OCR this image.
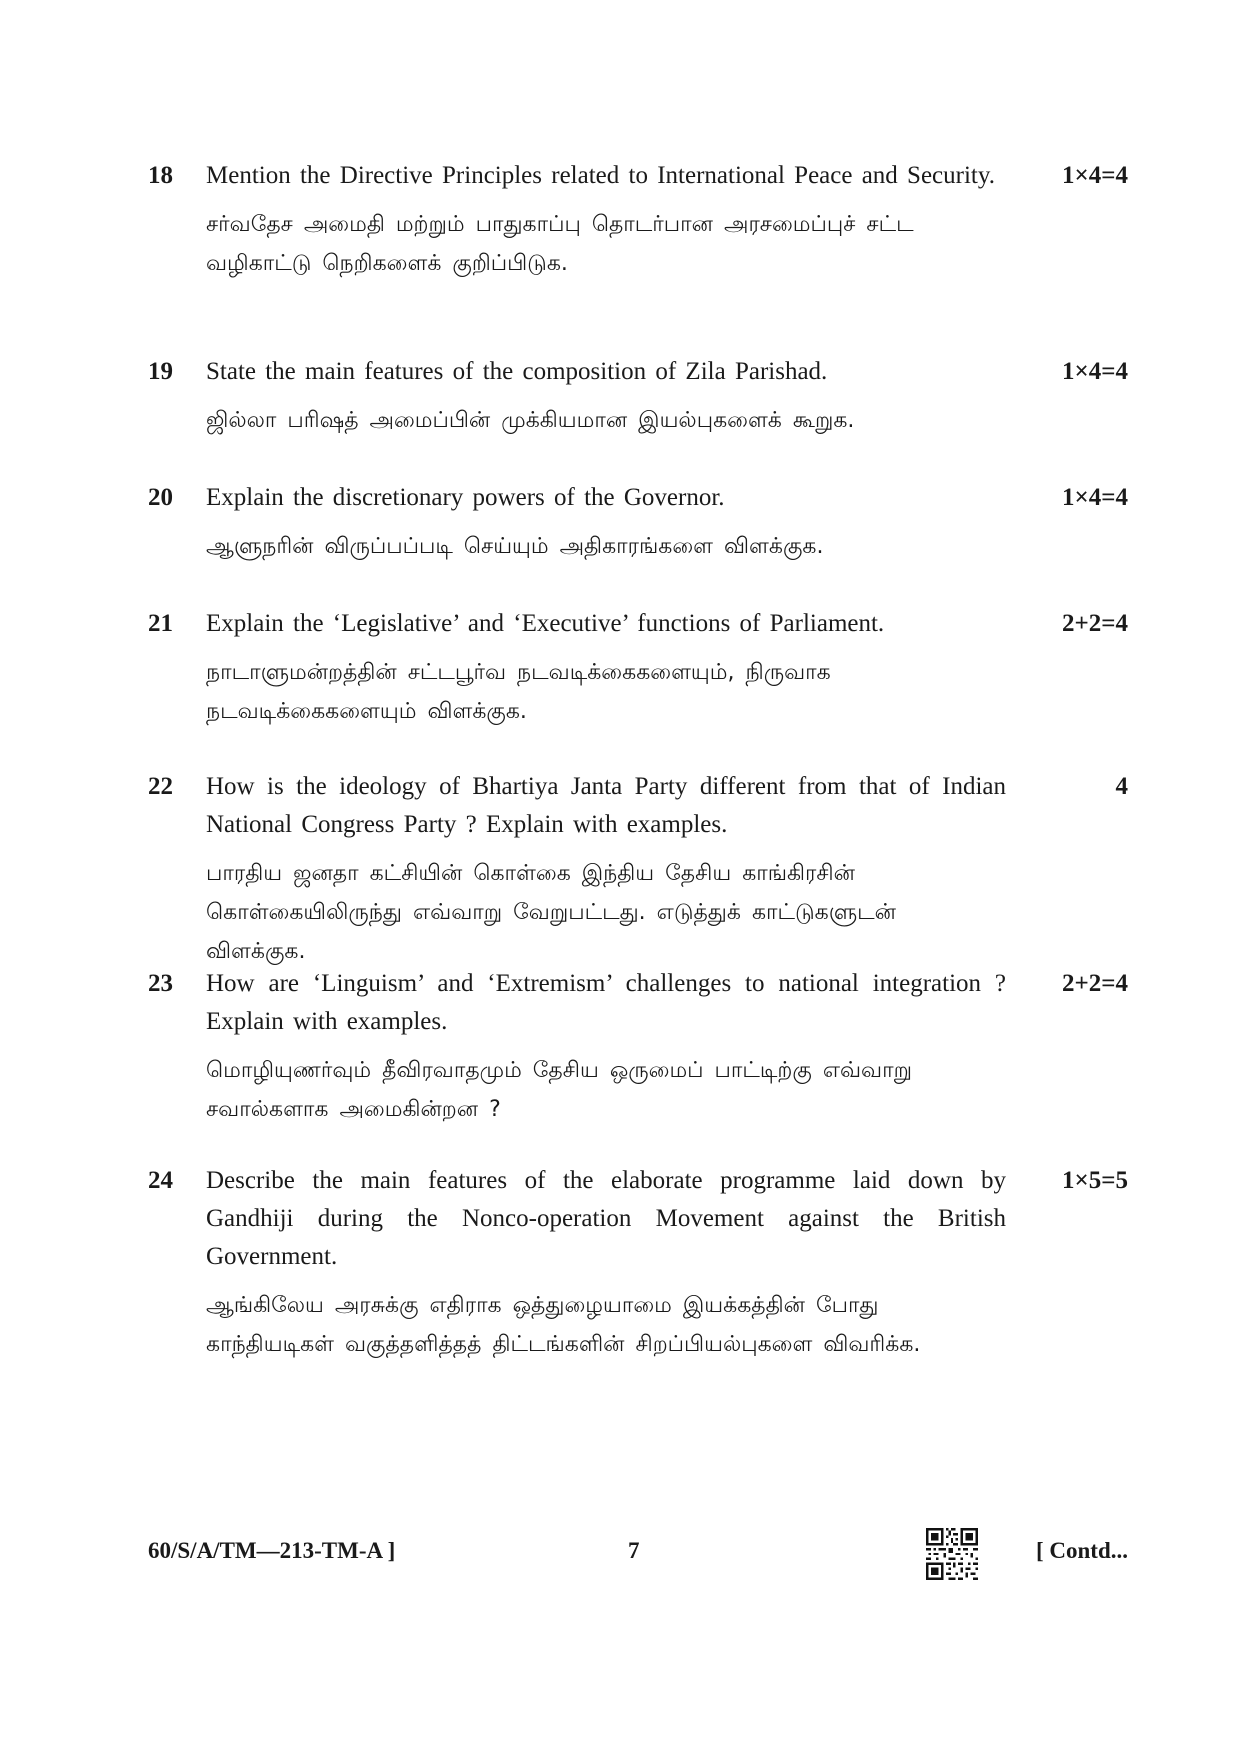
18 Mention the Directive Principles related to International Peace and Security.

சர்வதேச அமைதி மற்றும் பாதுகாப்பு தொடர்பான அரசமைப்புச் சட்ட வழிகாட்டு நெறிகளைக் குறிப்பிடுக.

1×4=4
19 State the main features of the composition of Zila Parishad.

ஜில்லா பரிஷத் அமைப்பின் முக்கியமான இயல்புகளைக் கூறுக.

1×4=4
20 Explain the discretionary powers of the Governor.

ஆளுநரின் விருப்பப்படி செய்யும் அதிகாரங்களை விளக்குக.

1×4=4
21 Explain the ‘Legislative’ and ‘Executive’ functions of Parliament.

நாடாளுமன்றத்தின் சட்டபூர்வ நடவடிக்கைகளையும், நிருவாக நடவடிக்கைகளையும் விளக்குக.

2+2=4
22 How is the ideology of Bhartiya Janta Party different from that of Indian National Congress Party ? Explain with examples.

பாரதிய ஜனதா கட்சியின் கொள்கை இந்திய தேசிய காங்கிரசின் கொள்கையிலிருந்து எவ்வாறு வேறுபட்டது. எடுத்துக் காட்டுகளுடன் விளக்குக.

4
23 How are ‘Linguism’ and ‘Extremism’ challenges to national integration ? Explain with examples.

மொழியுணர்வும் தீவிரவாதமும் தேசிய ஒருமைப் பாட்டிற்கு எவ்வாறு சவால்களாக அமைகின்றன ?

2+2=4
24 Describe the main features of the elaborate programme laid down by Gandhiji during the Nonco-operation Movement against the British Government.

ஆங்கிலேய அரசுக்கு எதிராக ஒத்துழையாமை இயக்கத்தின் போது காந்தியடிகள் வகுத்தளித்தத் திட்டங்களின் சிறப்பியல்புகளை விவரிக்க.

1×5=5
60/S/A/TM—213-TM-A ]	7	[ Contd...
